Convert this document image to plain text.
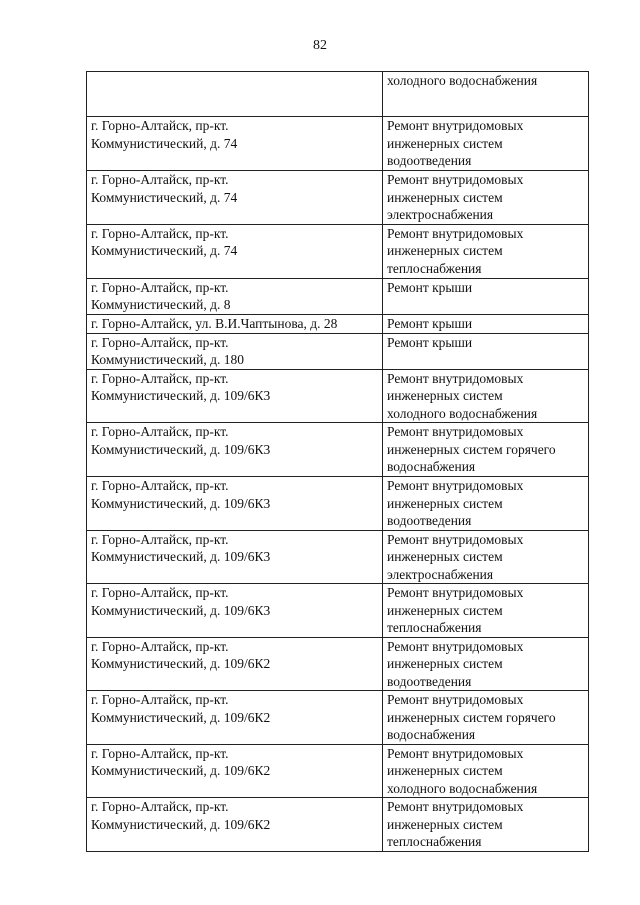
82

	холодного водоснабжения

г. Горно-Алтайск, пр-кт.
Коммунистический, д. 74	Ремонт внутридомовых
инженерных систем
водоотведения

г. Горно-Алтайск, пр-кт.
Коммунистический, д. 74	Ремонт внутридомовых
инженерных систем
электроснабжения

г. Горно-Алтайск, пр-кт.
Коммунистический, д. 74	Ремонт внутридомовых
инженерных систем
теплоснабжения

г. Горно-Алтайск, пр-кт.
Коммунистический, д. 8	Ремонт крыши

г. Горно-Алтайск, ул. В.И.Чаптынова, д. 28	Ремонт крыши

г. Горно-Алтайск, пр-кт.
Коммунистический, д. 180	Ремонт крыши

г. Горно-Алтайск, пр-кт.
Коммунистический, д. 109/6К3	Ремонт внутридомовых
инженерных систем
холодного водоснабжения

г. Горно-Алтайск, пр-кт.
Коммунистический, д. 109/6К3	Ремонт внутридомовых
инженерных систем горячего
водоснабжения

г. Горно-Алтайск, пр-кт.
Коммунистический, д. 109/6К3	Ремонт внутридомовых
инженерных систем
водоотведения

г. Горно-Алтайск, пр-кт.
Коммунистический, д. 109/6К3	Ремонт внутридомовых
инженерных систем
электроснабжения

г. Горно-Алтайск, пр-кт.
Коммунистический, д. 109/6К3	Ремонт внутридомовых
инженерных систем
теплоснабжения

г. Горно-Алтайск, пр-кт.
Коммунистический, д. 109/6К2	Ремонт внутридомовых
инженерных систем
водоотведения

г. Горно-Алтайск, пр-кт.
Коммунистический, д. 109/6К2	Ремонт внутридомовых
инженерных систем горячего
водоснабжения

г. Горно-Алтайск, пр-кт.
Коммунистический, д. 109/6К2	Ремонт внутридомовых
инженерных систем
холодного водоснабжения

г. Горно-Алтайск, пр-кт.
Коммунистический, д. 109/6К2	Ремонт внутридомовых
инженерных систем
теплоснабжения
